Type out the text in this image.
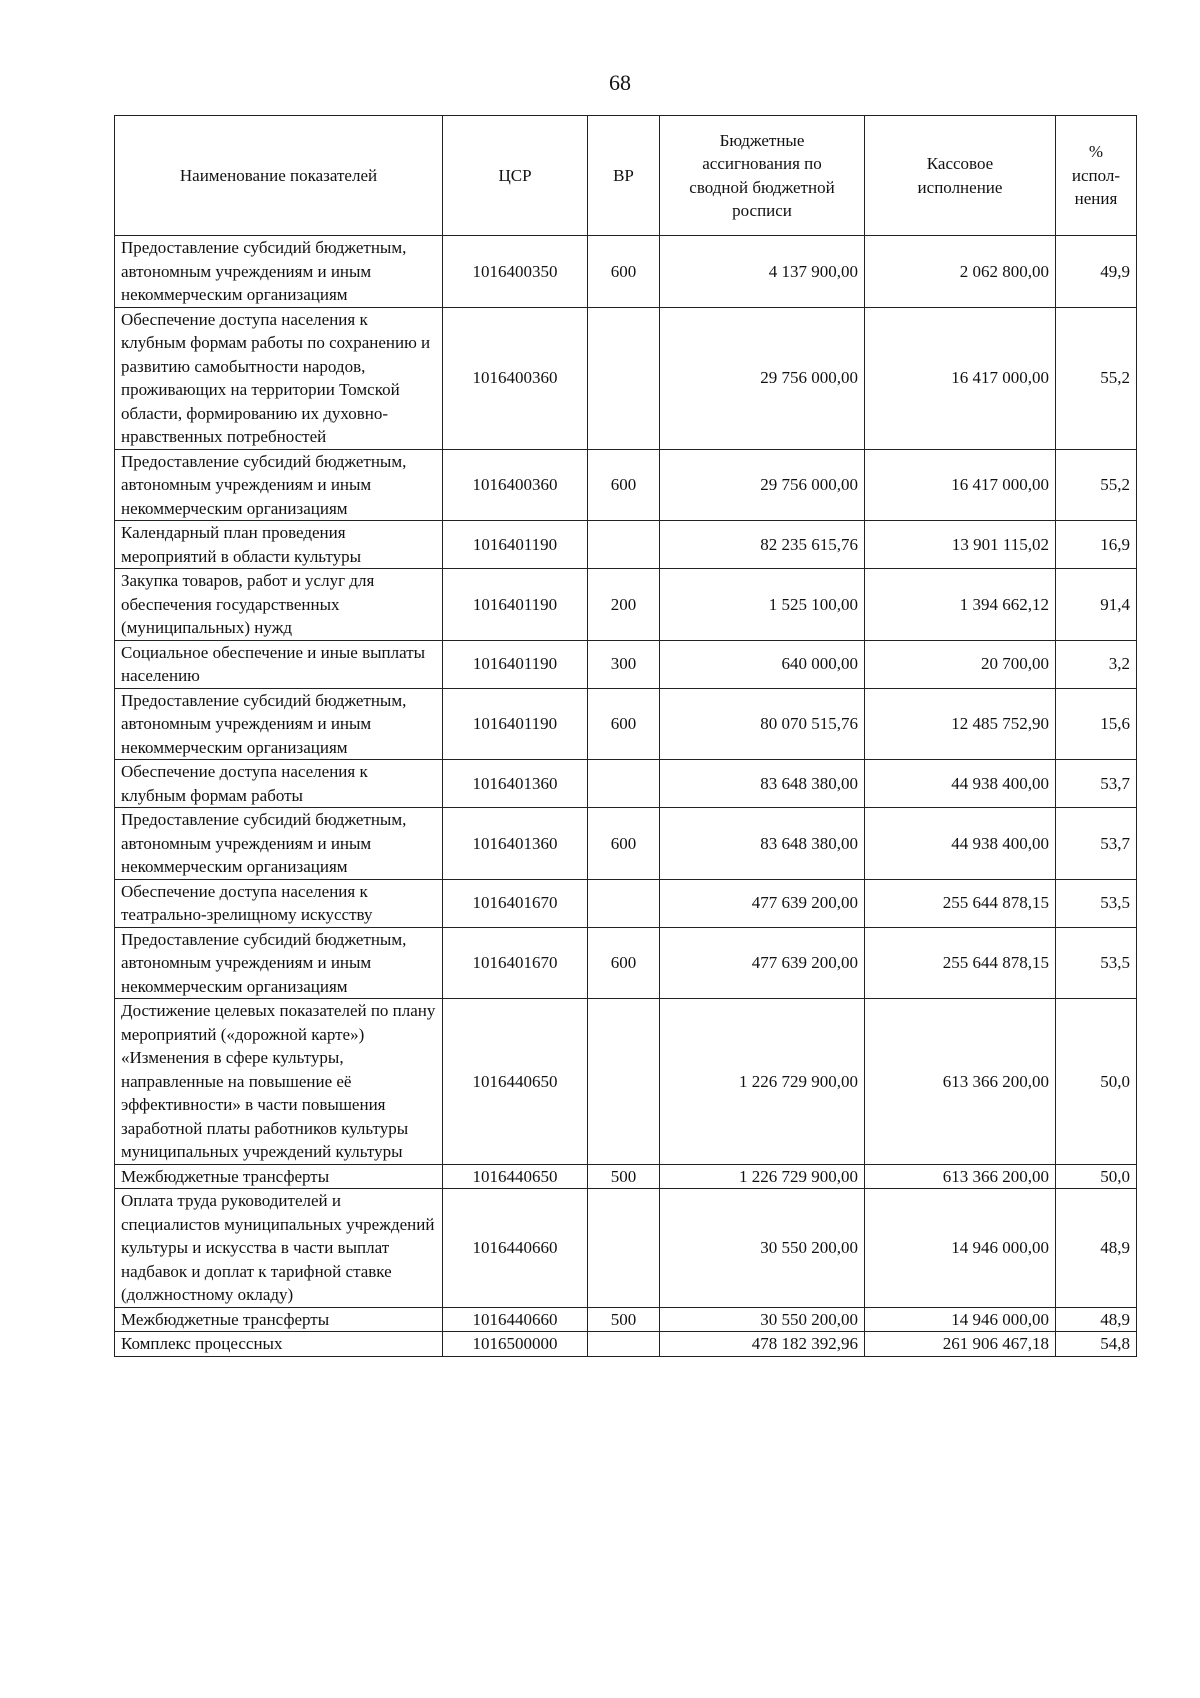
68
Наименование показателей	ЦСР	ВР	Бюджетные ассигнования по сводной бюджетной росписи	Кассовое исполнение	% испол-нения
Предоставление субсидий бюджетным, автономным учреждениям и иным некоммерческим организациям	1016400350	600	4 137 900,00	2 062 800,00	49,9
Обеспечение доступа населения к клубным формам работы по сохранению и развитию самобытности народов, проживающих на территории Томской области, формированию их духовно-нравственных потребностей	1016400360		29 756 000,00	16 417 000,00	55,2
Предоставление субсидий бюджетным, автономным учреждениям и иным некоммерческим организациям	1016400360	600	29 756 000,00	16 417 000,00	55,2
Календарный план проведения мероприятий в области культуры	1016401190		82 235 615,76	13 901 115,02	16,9
Закупка товаров, работ и услуг для обеспечения государственных (муниципальных) нужд	1016401190	200	1 525 100,00	1 394 662,12	91,4
Социальное обеспечение и иные выплаты населению	1016401190	300	640 000,00	20 700,00	3,2
Предоставление субсидий бюджетным, автономным учреждениям и иным некоммерческим организациям	1016401190	600	80 070 515,76	12 485 752,90	15,6
Обеспечение доступа населения к клубным формам работы	1016401360		83 648 380,00	44 938 400,00	53,7
Предоставление субсидий бюджетным, автономным учреждениям и иным некоммерческим организациям	1016401360	600	83 648 380,00	44 938 400,00	53,7
Обеспечение доступа населения к театрально-зрелищному искусству	1016401670		477 639 200,00	255 644 878,15	53,5
Предоставление субсидий бюджетным, автономным учреждениям и иным некоммерческим организациям	1016401670	600	477 639 200,00	255 644 878,15	53,5
Достижение целевых показателей по плану мероприятий («дорожной карте») «Изменения в сфере культуры, направленные на повышение её эффективности» в части повышения заработной платы работников культуры муниципальных учреждений культуры	1016440650		1 226 729 900,00	613 366 200,00	50,0
Межбюджетные трансферты	1016440650	500	1 226 729 900,00	613 366 200,00	50,0
Оплата труда руководителей и специалистов муниципальных учреждений культуры и искусства в части выплат надбавок и доплат к тарифной ставке (должностному окладу)	1016440660		30 550 200,00	14 946 000,00	48,9
Межбюджетные трансферты	1016440660	500	30 550 200,00	14 946 000,00	48,9
Комплекс процессных	1016500000		478 182 392,96	261 906 467,18	54,8
